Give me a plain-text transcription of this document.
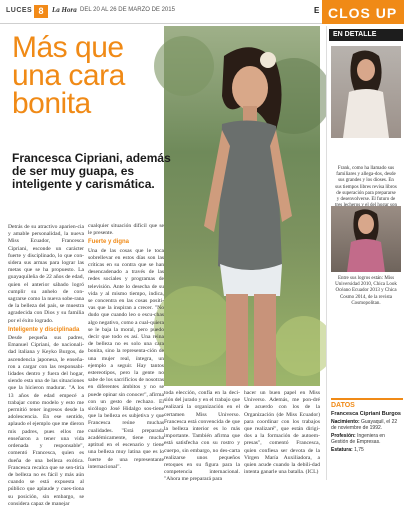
LUCES 8	La Hora DEL 20 AL 26 DE MARZO DE 2015	E CLOS UP
Más que una cara bonita
Francesca Cipriani, además de ser muy guapa, es inteligente y carismática.

Detrás de su atractivo aparien-cia y amable personalidad, la nueva Miss Ecuador, Francesca Cipriani, esconde un carácter fuerte y disciplinado, lo que con-sidera sus armas para lograr las metas que se ha propuesto. La guayaquileña de 22 años de edad, quien el anterior sábado logró cumplir su anhelo de con-sagrarse como la nueva sobe-rana de la belleza del país, se muestra agradecida con Dios y su familia por el éxito logrado.

Inteligente y disciplinada

Desde pequeña sus padres, Emanuel Cipriani, de nacionali-dad italiana y Keyko Burgos, de ascendencia japonesa, le enseña-ron a cargar con las responsabi-lidades dentro y fuera del hogar, siendo esta una de las situaciones que la hicieron madurar. "A los 13 años de edad empecé a trabajar como modelo y esto me permitió tener ingresos desde la adolescencia. En ese sentido, aplaudo el ejemplo que me dieron mis padres, pues ellos me enseñaron a tener una vida ordenada y responsable", comentó Francesca, quien es dueña de una belleza exótica. Francesca recalca que se sen-tiría de belleza no es fácil y más aún cuando se está expuesta al público que aplaude y cues-tiona su posición, sin embargo, se considera capaz de manejar

cualquier situación difícil que se le presente.

Fuerte y digna

Una de las cosas que le toca sobrellevar en estos días son las críticas en su contra que se han desencadenado a través de las redes sociales y programas de televisión. Ante lo desecha de su vida y al mismo tiempo, indica, se concentra en las cosas positi-vas que la inspiran a crecer. "No dudo que cuando leo o escu-chas algo negativo, como a cual-quiera se le baja la moral, pero puedo decir que todo es así. Una reina de belleza no es solo una cara bonita, sino la representa-ción de una mujer real, íntegra, un ejemplo a seguir. Hay tantos estereotipos, pero la gente no sabe de los sacrificios de nosotras en diferentes ámbitos y no se puede opinar sin conocer", afirma con un gesto de rechazo. El sicólogo José Hidalgo sos-tiene que la belleza es subjetiva y que Francesca reúne muchas cualidades. "Está preparada académicamente, tiene mucha aptitud en el escenario y tiene una belleza muy latina que es lo fuerte de una representante internacional".

toda elección, confía en la deci-sión del jurado y en el trabajo que realizará la organización en el certamen Miss Universo. Francesca está convencida de que la belleza interior es lo más importante. También afirma que está satisfecha con su rostro y cuerpo, sin embargo, no des-carta realizarse unos pequeños retoques en su figura para la competencia internacional. "Ahora me preparará para

hacer un buen papel en Miss Universo. Además, me pon-dré de acuerdo con los de la Organización (de Miss Ecuador) para coordinar con los trabajos que realizaré", que están dirigi-dos a la formación de autoem-presas", comentó Francesca, quien confiesa ser devota de la Virgen María Auxiliadora, a quien acude cuando la debili-dad intenta ganarle una batalla. (ICL)

EN DETALLE

Frank, como ha llamado sus familiares y allega-dos, desde sus grandes y los dioses. En sus tiempos libres revisa libros de superación para prepararse y desenvolverse. El futuro de

Entre sus logros están: Miss Universidad 2010, Chica Look Océano Ecuador 2013 y Chica Cosmo 2014, de la revista Cosmopolitan.

DATOS
Francesca Cipriani Burgos
Nacimiento: Guayaquil, el 22 de noviembre de 1992.
Profesión: Ingeniera en Gestión de Empresas.
Estatura: 1,75
